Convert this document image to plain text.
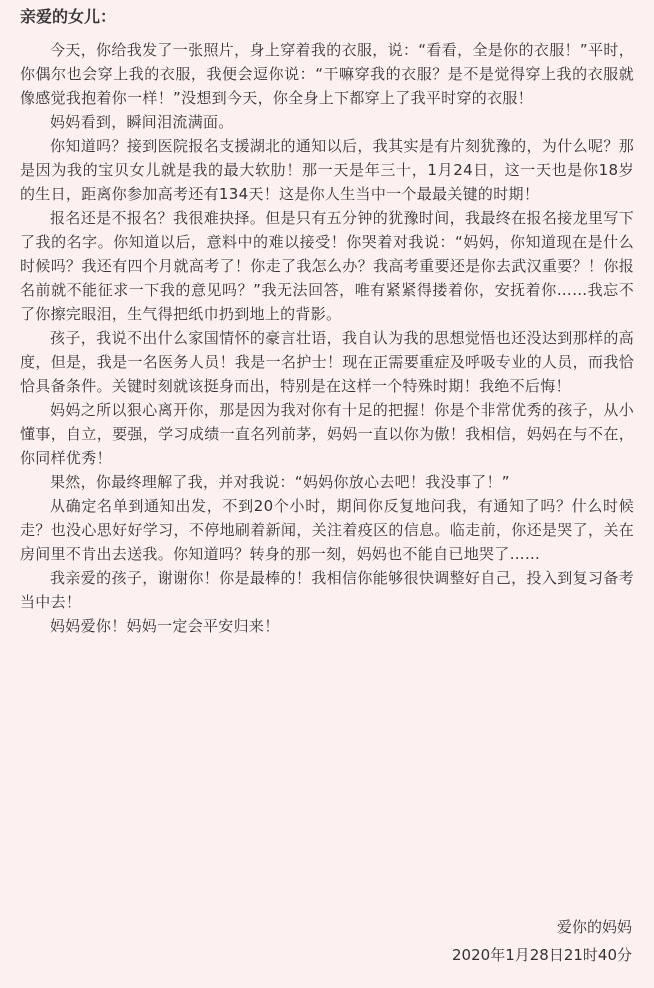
亲爱的女儿：

今天，你给我发了一张照片，身上穿着我的衣服，说：“看看，全是你的衣服！”平时，你偶尔也会穿上我的衣服，我便会逗你说：“干嘛穿我的衣服？是不是觉得穿上我的衣服就像感觉我抱着你一样！”没想到今天，你全身上下都穿上了我平时穿的衣服！

妈妈看到，瞬间泪流满面。

你知道吗？接到医院报名支援湖北的通知以后，我其实是有片刻犹豫的，为什么呢？那是因为我的宝贝女儿就是我的最大软肋！那一天是年三十，1月24日，这一天也是你18岁的生日，距离你参加高考还有134天！这是你人生当中一个最最关键的时期！

报名还是不报名？我很难抉择。但是只有五分钟的犹豫时间，我最终在报名接龙里写下了我的名字。你知道以后，意料中的难以接受！你哭着对我说：“妈妈，你知道现在是什么时候吗？我还有四个月就高考了！你走了我怎么办？我高考重要还是你去武汉重要？！你报名前就不能征求一下我的意见吗？”我无法回答，唯有紧紧得搂着你，安抚着你……我忘不了你擦完眼泪，生气得把纸巾扔到地上的背影。

孩子，我说不出什么家国情怀的豪言壮语，我自认为我的思想觉悟也还没达到那样的高度，但是，我是一名医务人员！我是一名护士！现在正需要重症及呼吸专业的人员，而我恰恰具备条件。关键时刻就该挺身而出，特别是在这样一个特殊时期！我绝不后悔！

妈妈之所以狠心离开你，那是因为我对你有十足的把握！你是个非常优秀的孩子，从小懂事，自立，要强，学习成绩一直名列前茅，妈妈一直以你为傲！我相信，妈妈在与不在，你同样优秀！

果然，你最终理解了我，并对我说：“妈妈你放心去吧！我没事了！”

从确定名单到通知出发，不到20个小时，期间你反复地问我，有通知了吗？什么时候走？也没心思好好学习，不停地刷着新闻，关注着疫区的信息。临走前，你还是哭了，关在房间里不肯出去送我。你知道吗？转身的那一刻，妈妈也不能自已地哭了……

我亲爱的孩子，谢谢你！你是最棒的！我相信你能够很快调整好自己，投入到复习备考当中去！

妈妈爱你！妈妈一定会平安归来！

爱你的妈妈
2020年1月28日21时40分
